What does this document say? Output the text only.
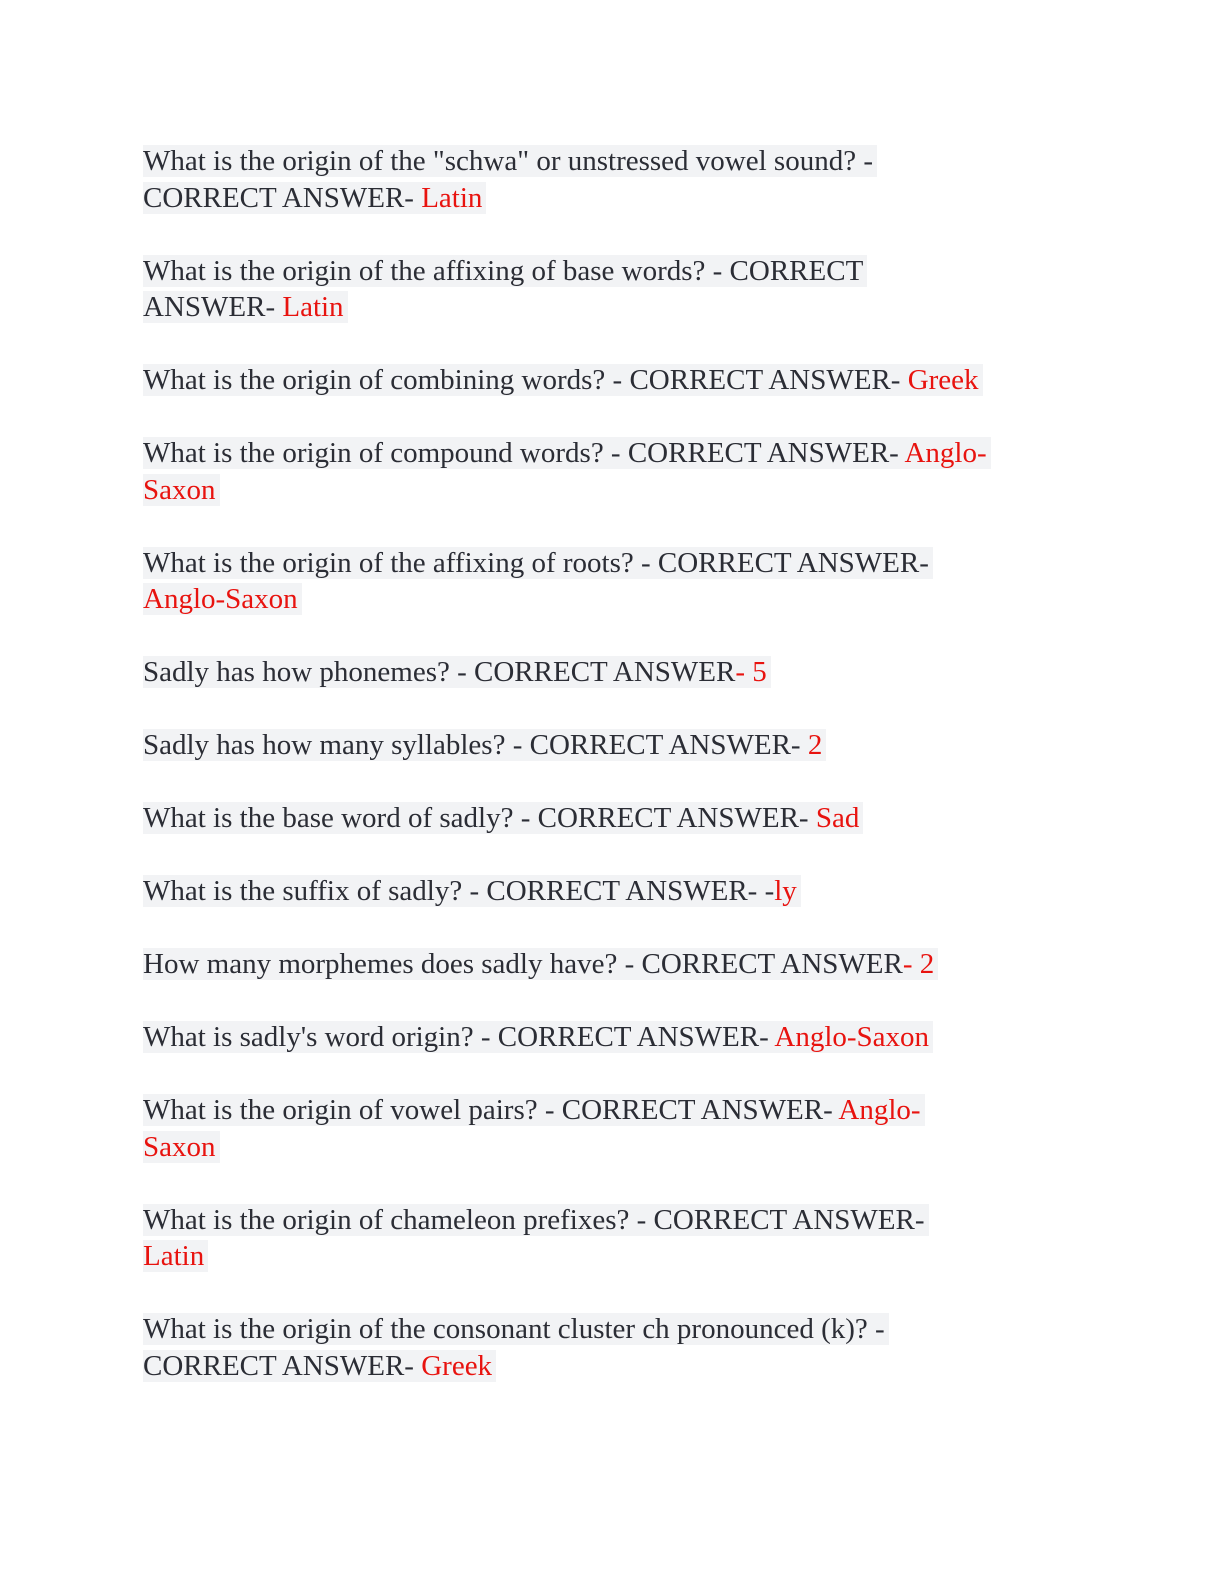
What is the origin of the "schwa" or unstressed vowel sound? -
CORRECT ANSWER- Latin
What is the origin of the affixing of base words? - CORRECT
ANSWER- Latin
What is the origin of combining words? - CORRECT ANSWER- Greek
What is the origin of compound words? - CORRECT ANSWER- Anglo-
Saxon
What is the origin of the affixing of roots? - CORRECT ANSWER-
Anglo-Saxon
Sadly has how phonemes? - CORRECT ANSWER- 5
Sadly has how many syllables? - CORRECT ANSWER- 2
What is the base word of sadly? - CORRECT ANSWER- Sad
What is the suffix of sadly? - CORRECT ANSWER- -ly
How many morphemes does sadly have? - CORRECT ANSWER- 2
What is sadly's word origin? - CORRECT ANSWER- Anglo-Saxon
What is the origin of vowel pairs? - CORRECT ANSWER- Anglo-
Saxon
What is the origin of chameleon prefixes? - CORRECT ANSWER-
Latin
What is the origin of the consonant cluster ch pronounced (k)? -
CORRECT ANSWER- Greek
